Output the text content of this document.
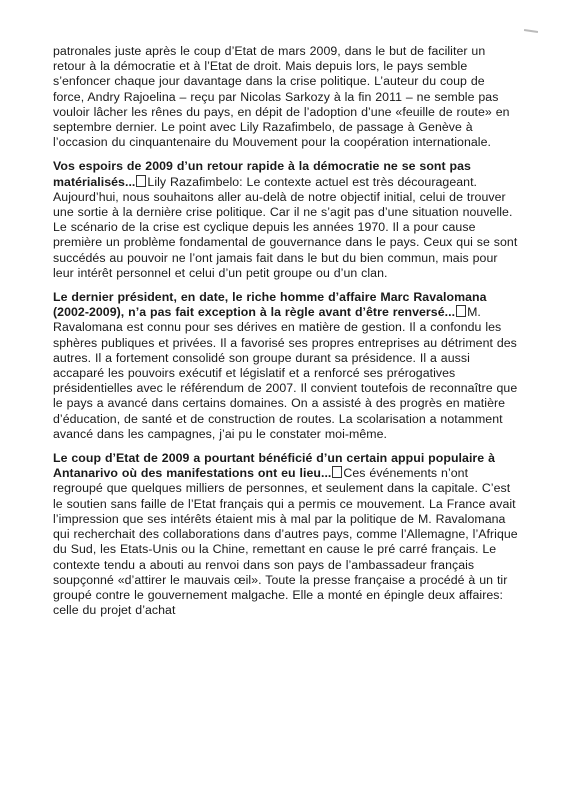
patronales juste après le coup d’Etat de mars 2009, dans le but de faciliter un retour à la démocratie et à l’Etat de droit. Mais depuis lors, le pays semble s’enfoncer chaque jour davantage dans la crise politique. L’auteur du coup de force, Andry Rajoelina – reçu par Nicolas Sarkozy à la fin 2011 – ne semble pas vouloir lâcher les rênes du pays, en dépit de l’adoption d’une «feuille de route» en septembre dernier. Le point avec Lily Razafimbelo, de passage à Genève à l’occasion du cinquantenaire du Mouvement pour la coopération internationale.

Vos espoirs de 2009 d’un retour rapide à la démocratie ne se sont pas matérialisés... Lily Razafimbelo: Le contexte actuel est très décourageant. Aujourd’hui, nous souhaitons aller au-delà de notre objectif initial, celui de trouver une sortie à la dernière crise politique. Car il ne s’agit pas d’une situation nouvelle. Le scénario de la crise est cyclique depuis les années 1970. Il a pour cause première un problème fondamental de gouvernance dans le pays. Ceux qui se sont succédés au pouvoir ne l’ont jamais fait dans le but du bien commun, mais pour leur intérêt personnel et celui d’un petit groupe ou d’un clan.

Le dernier président, en date, le riche homme d’affaire Marc Ravalomana (2002-2009), n’a pas fait exception à la règle avant d’être renversé... M. Ravalomana est connu pour ses dérives en matière de gestion. Il a confondu les sphères publiques et privées. Il a favorisé ses propres entreprises au détriment des autres. Il a fortement consolidé son groupe durant sa présidence. Il a aussi accaparé les pouvoirs exécutif et législatif et a renforcé ses prérogatives présidentielles avec le référendum de 2007. Il convient toutefois de reconnaître que le pays a avancé dans certains domaines. On a assisté à des progrès en matière d’éducation, de santé et de construction de routes. La scolarisation a notamment avancé dans les campagnes, j’ai pu le constater moi-même.

Le coup d’Etat de 2009 a pourtant bénéficié d’un certain appui populaire à Antanarivo où des manifestations ont eu lieu... Ces événements n’ont regroupé que quelques milliers de personnes, et seulement dans la capitale. C’est le soutien sans faille de l’Etat français qui a permis ce mouvement. La France avait l’impression que ses intérêts étaient mis à mal par la politique de M. Ravalomana qui recherchait des collaborations dans d’autres pays, comme l’Allemagne, l’Afrique du Sud, les Etats-Unis ou la Chine, remettant en cause le pré carré français. Le contexte tendu a abouti au renvoi dans son pays de l’ambassadeur français soupçonné «d’attirer le mauvais œil». Toute la presse française a procédé à un tir groupé contre le gouvernement malgache. Elle a monté en épingle deux affaires: celle du projet d’achat
